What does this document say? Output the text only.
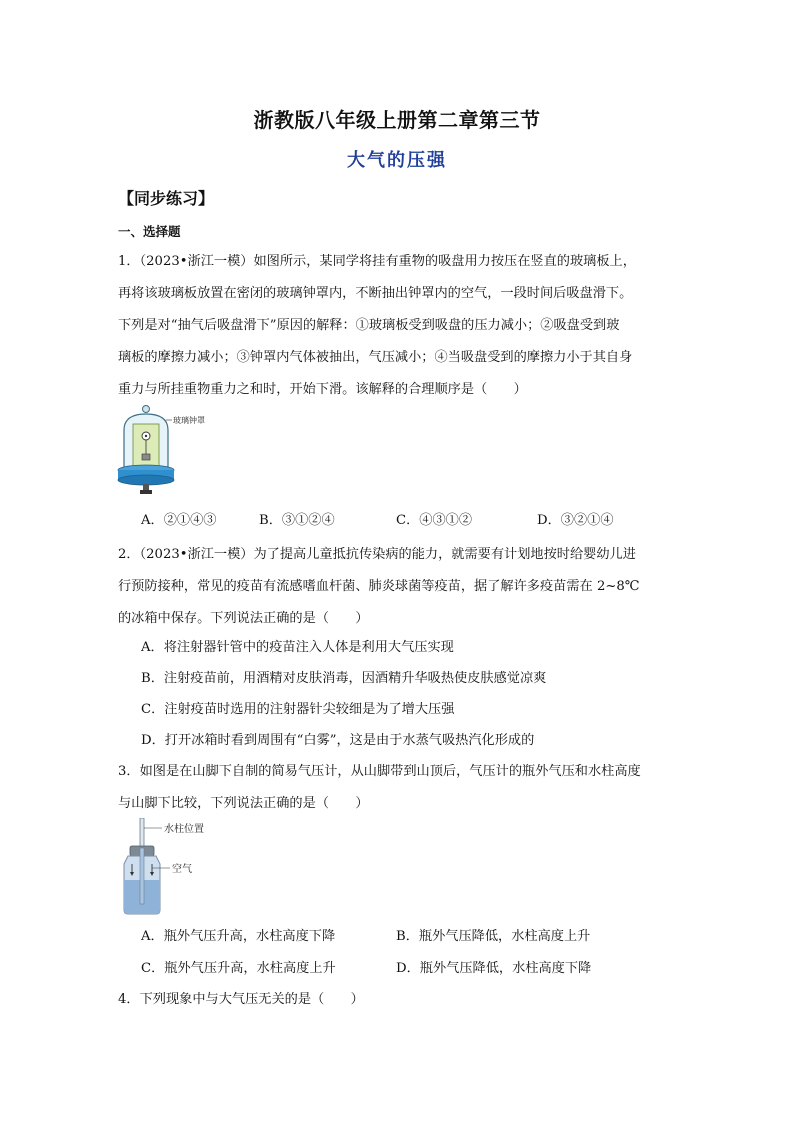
浙教版八年级上册第二章第三节
大气的压强
【同步练习】
一、选择题
1．（2023•浙江一模）如图所示，某同学将挂有重物的吸盘用力按压在竖直的玻璃板上，
再将该玻璃板放置在密闭的玻璃钟罩内，不断抽出钟罩内的空气，一段时间后吸盘滑下。
下列是对“抽气后吸盘滑下”原因的解释：①玻璃板受到吸盘的压力减小；②吸盘受到玻
璃板的摩擦力减小；③钟罩内气体被抽出，气压减小；④当吸盘受到的摩擦力小于其自身
重力与所挂重物重力之和时，开始下滑。该解释的合理顺序是（　　）
玻璃钟罩
A．②①④③	B．③①②④	C．④③①②	D．③②①④
2．（2023•浙江一模）为了提高儿童抵抗传染病的能力，就需要有计划地按时给婴幼儿进
行预防接种，常见的疫苗有流感嗜血杆菌、肺炎球菌等疫苗，据了解许多疫苗需在 2~8℃
的冰箱中保存。下列说法正确的是（　　）
A．将注射器针管中的疫苗注入人体是利用大气压实现
B．注射疫苗前，用酒精对皮肤消毒，因酒精升华吸热使皮肤感觉凉爽
C．注射疫苗时选用的注射器针尖较细是为了增大压强
D．打开冰箱时看到周围有“白雾”，这是由于水蒸气吸热汽化形成的
3．如图是在山脚下自制的简易气压计，从山脚带到山顶后，气压计的瓶外气压和水柱高度
与山脚下比较，下列说法正确的是（　　）
水柱位置
空气
A．瓶外气压升高，水柱高度下降	B．瓶外气压降低，水柱高度上升
C．瓶外气压升高，水柱高度上升	D．瓶外气压降低，水柱高度下降
4．下列现象中与大气压无关的是（　　）
